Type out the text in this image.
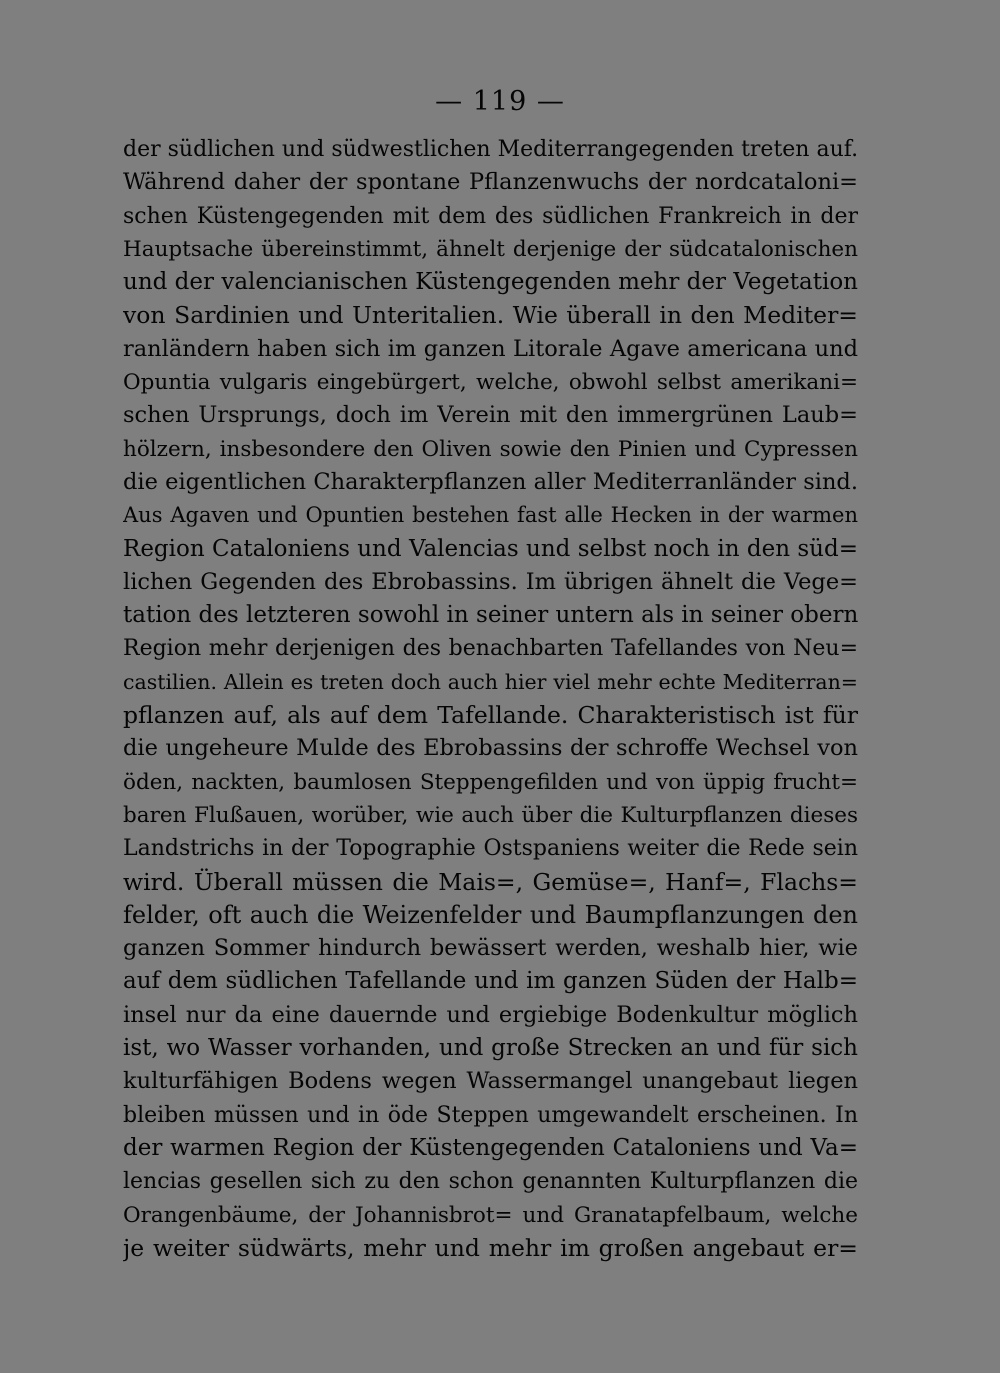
— 119 —
der südlichen und südwestlichen Mediterrangegenden treten auf.
Während daher der spontane Pflanzenwuchs der nordcataloni=
schen Küstengegenden mit dem des südlichen Frankreich in der
Hauptsache übereinstimmt, ähnelt derjenige der südcatalonischen
und der valencianischen Küstengegenden mehr der Vegetation
von Sardinien und Unteritalien. Wie überall in den Mediter=
ranländern haben sich im ganzen Litorale Agave americana und
Opuntia vulgaris eingebürgert, welche, obwohl selbst amerikani=
schen Ursprungs, doch im Verein mit den immergrünen Laub=
hölzern, insbesondere den Oliven sowie den Pinien und Cypressen
die eigentlichen Charakterpflanzen aller Mediterranländer sind.
Aus Agaven und Opuntien bestehen fast alle Hecken in der warmen
Region Cataloniens und Valencias und selbst noch in den süd=
lichen Gegenden des Ebrobassins. Im übrigen ähnelt die Vege=
tation des letzteren sowohl in seiner untern als in seiner obern
Region mehr derjenigen des benachbarten Tafellandes von Neu=
castilien. Allein es treten doch auch hier viel mehr echte Mediterran=
pflanzen auf, als auf dem Tafellande. Charakteristisch ist für
die ungeheure Mulde des Ebrobassins der schroffe Wechsel von
öden, nackten, baumlosen Steppengefilden und von üppig frucht=
baren Flußauen, worüber, wie auch über die Kulturpflanzen dieses
Landstrichs in der Topographie Ostspaniens weiter die Rede sein
wird. Überall müssen die Mais=, Gemüse=, Hanf=, Flachs=
felder, oft auch die Weizenfelder und Baumpflanzungen den
ganzen Sommer hindurch bewässert werden, weshalb hier, wie
auf dem südlichen Tafellande und im ganzen Süden der Halb=
insel nur da eine dauernde und ergiebige Bodenkultur möglich
ist, wo Wasser vorhanden, und große Strecken an und für sich
kulturfähigen Bodens wegen Wassermangel unangebaut liegen
bleiben müssen und in öde Steppen umgewandelt erscheinen. In
der warmen Region der Küstengegenden Cataloniens und Va=
lencias gesellen sich zu den schon genannten Kulturpflanzen die
Orangenbäume, der Johannisbrot= und Granatapfelbaum, welche
je weiter südwärts, mehr und mehr im großen angebaut er=
